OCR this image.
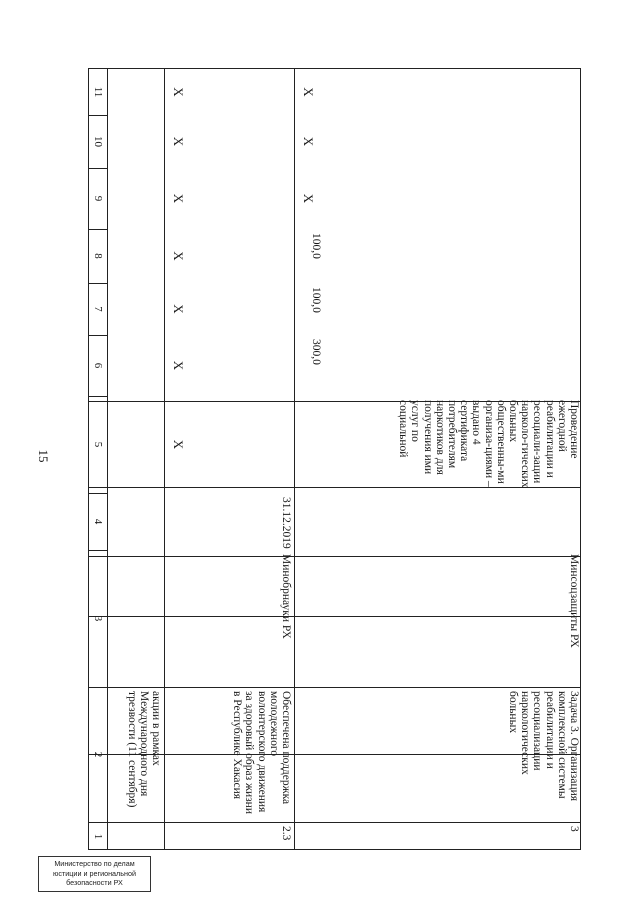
15
11
10
9
8
7
6
5
4
3
2
1
акции в рамках Международного дня трезвости (11 сентября)
2.3
Обеспечена поддержка молодежного волонтерского движения за здоровый образ жизни в Республике Хакасия
Минобрнауки РХ
31.12.2019
Х
Х
Х
Х
Х
Х
Х
3
Задача 3. Организация комплексной системы реабилитации и ресоциализации наркологических больных
Минсоцзащиты РХ
Проведение ежегодной реабилитации и ресоциали-зации нарколо-гических больных общественны-ми организа-циями – выдано 4 сертификата потребителям наркотиков для получения ими услуг по социальной
300,0
100,0
100,0
Х
Х
Х
Министерство по делам
юстиции и региональной
безопасности РХ
